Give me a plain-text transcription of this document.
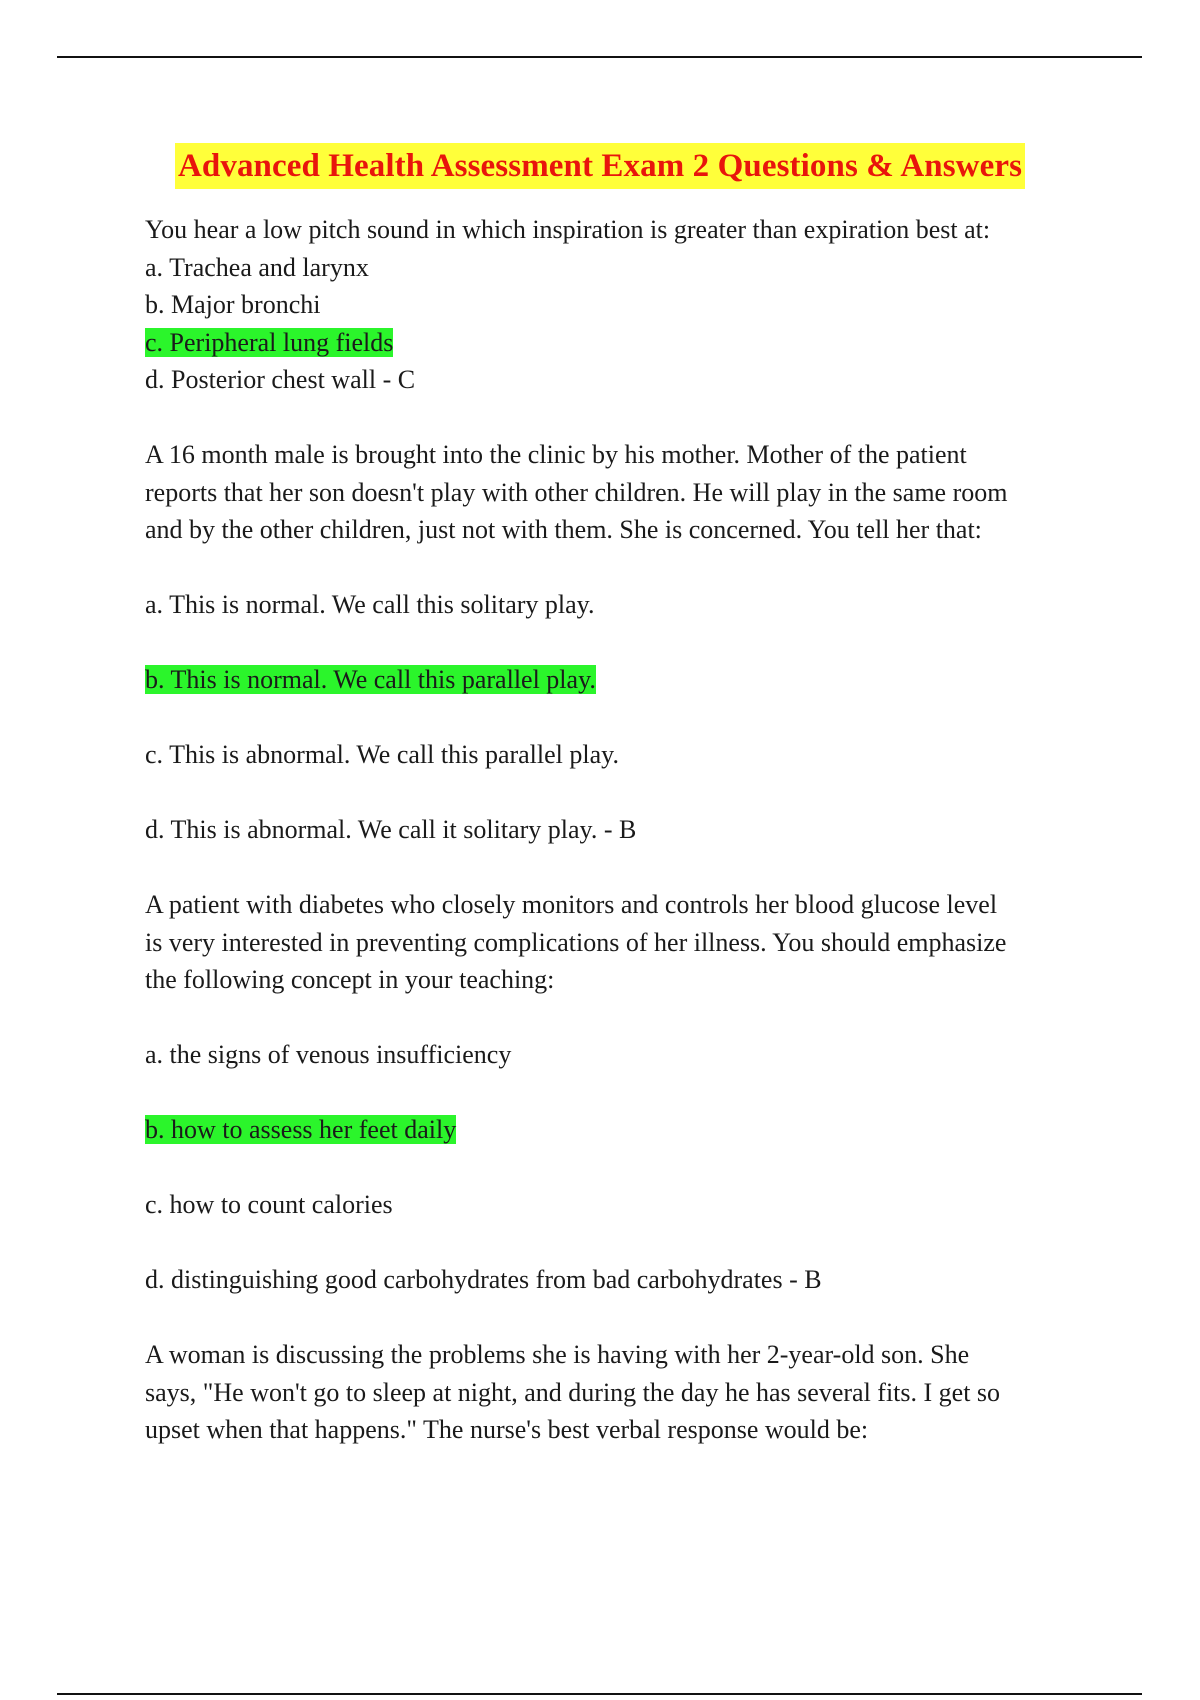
Advanced Health Assessment Exam 2 Questions & Answers

You hear a low pitch sound in which inspiration is greater than expiration best at:

a. Trachea and larynx

b. Major bronchi

c. Peripheral lung fields

d. Posterior chest wall - C

A 16 month male is brought into the clinic by his mother. Mother of the patient

reports that her son doesn't play with other children. He will play in the same room

and by the other children, just not with them. She is concerned. You tell her that:

a. This is normal. We call this solitary play.

b. This is normal. We call this parallel play.

c. This is abnormal. We call this parallel play.

d. This is abnormal. We call it solitary play. - B

A patient with diabetes who closely monitors and controls her blood glucose level

is very interested in preventing complications of her illness. You should emphasize

the following concept in your teaching:

a. the signs of venous insufficiency

b. how to assess her feet daily

c. how to count calories

d. distinguishing good carbohydrates from bad carbohydrates - B

A woman is discussing the problems she is having with her 2-year-old son. She

says, "He won't go to sleep at night, and during the day he has several fits. I get so

upset when that happens." The nurse's best verbal response would be:
